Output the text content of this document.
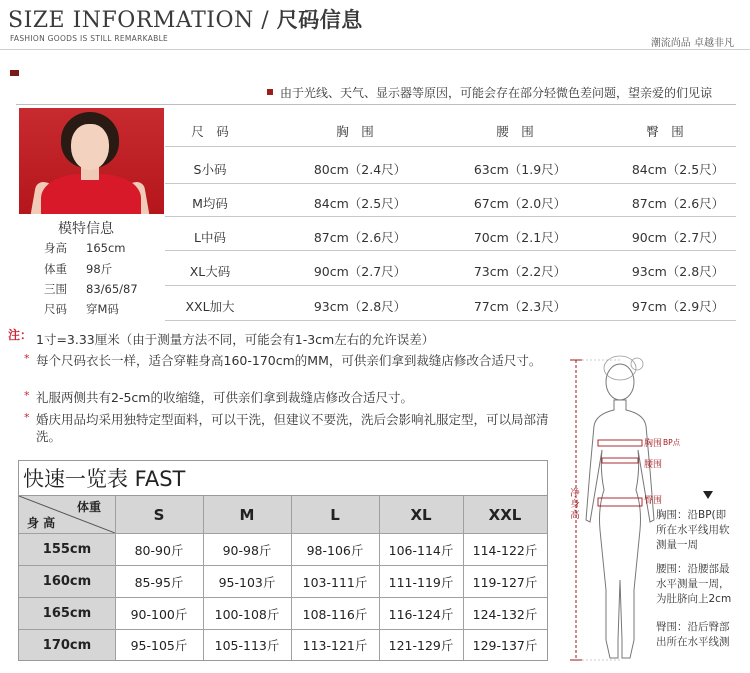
SIZE INFORMATION / 尺码信息
FASHION GOODS IS STILL REMARKABLE	潮流尚品 卓越非凡
由于光线、天气、显示器等原因，可能会存在部分轻微色差问题，望亲爱的们见谅
模特信息
身高 165cm
体重 98斤
三围 83/65/87
尺码 穿M码
尺　码	胸　围	腰　围	臀　围
S小码	80cm（2.4尺）	63cm（1.9尺）	84cm（2.5尺）
M均码	84cm（2.5尺）	67cm（2.0尺）	87cm（2.6尺）
L中码	87cm（2.6尺）	70cm（2.1尺）	90cm（2.7尺）
XL大码	90cm（2.7尺）	73cm（2.2尺）	93cm（2.8尺）
XXL加大	93cm（2.8尺）	77cm（2.3尺）	97cm（2.9尺）
注： 1寸=3.33厘米（由于测量方法不同，可能会有1-3cm左右的允许误差）
* 每个尺码衣长一样，适合穿鞋身高160-170cm的MM，可供亲们拿到裁缝店修改合适尺寸。
* 礼服两侧共有2-5cm的收缩缝，可供亲们拿到裁缝店修改合适尺寸。
* 婚庆用品均采用独特定型面料，可以干洗，但建议不要洗，洗后会影响礼服定型，可以局部清洗。
快速一览表 FAST
体重
身 高	S	M	L	XL	XXL
155cm	80-90斤	90-98斤	98-106斤	106-114斤	114-122斤
160cm	85-95斤	95-103斤	103-111斤	111-119斤	119-127斤
165cm	90-100斤	100-108斤	108-116斤	116-124斤	124-132斤
170cm	95-105斤	105-113斤	113-121斤	121-129斤	129-137斤
胸围 BP点
腰围
臀围
净身高	胸围：沿BP(即
所在水平线用软
测量一周
腰围：沿腰部最
水平测量一周，
为肚脐向上2cm
臀围：沿后臀部
出所在水平线测
